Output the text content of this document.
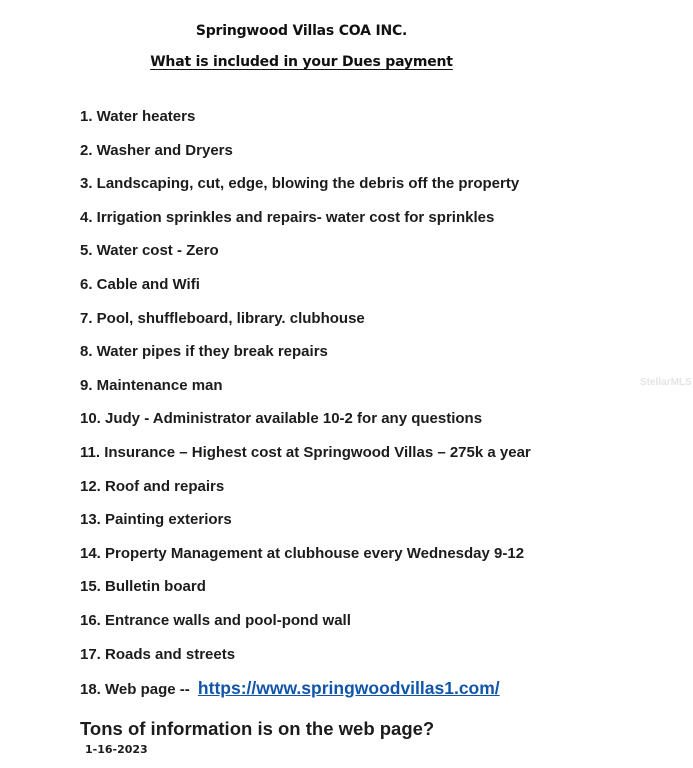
Springwood Villas COA INC.
What is included in your Dues payment
1. Water heaters
2. Washer and Dryers
3. Landscaping, cut, edge, blowing the debris off the property
4. Irrigation sprinkles and repairs- water cost for sprinkles
5. Water cost - Zero
6. Cable and Wifi
7. Pool, shuffleboard, library. clubhouse
8. Water pipes if they break repairs
9. Maintenance man
10. Judy - Administrator available 10-2 for any questions
11. Insurance – Highest cost at Springwood Villas – 275k a year
12. Roof and repairs
13. Painting exteriors
14. Property Management at clubhouse every Wednesday 9-12
15. Bulletin board
16. Entrance walls and pool-pond wall
17. Roads and streets
18. Web page -- https://www.springwoodvillas1.com/
Tons of information is on the web page?
1-16-2023
StellarMLS
